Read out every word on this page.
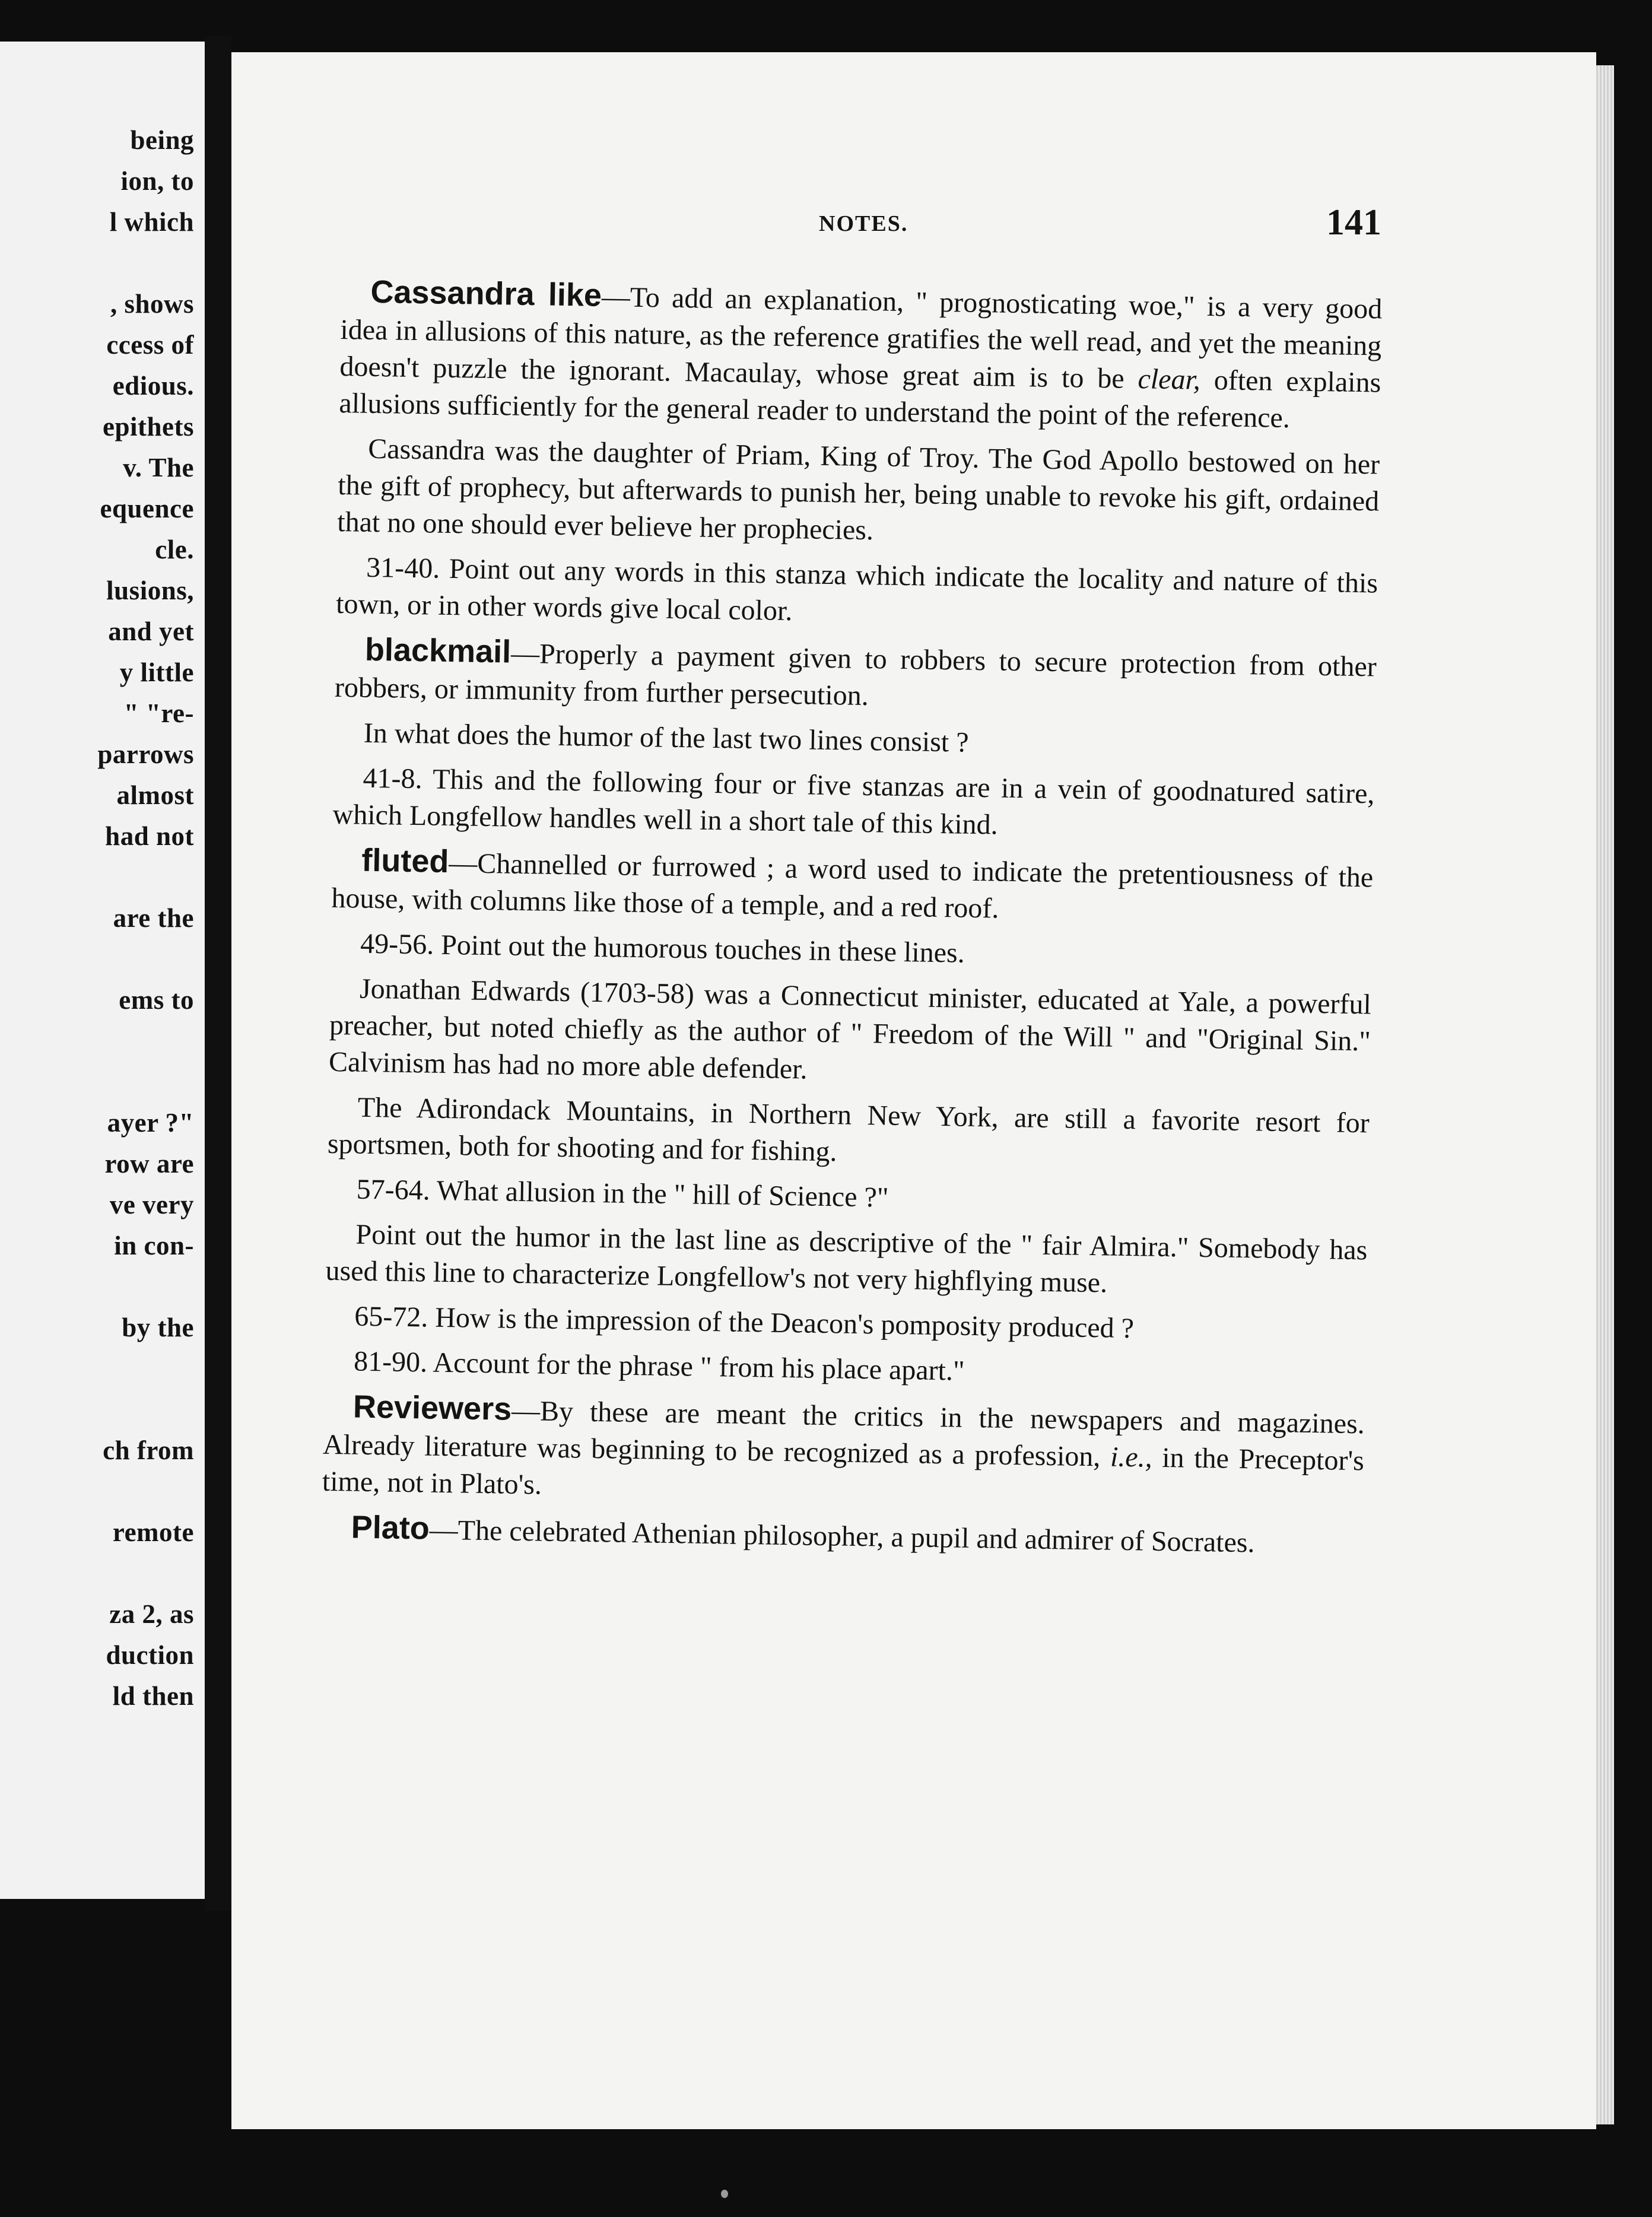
being
ion, to
l which
, shows
ccess of
edious.
epithets
v. The
equence
cle.
lusions,
and yet
y little
" "re-
parrows
almost
had not
are the
ems to
ayer ?"
row are
ve very
in con-
by the
ch from
remote
za 2, as
duction
ld then
NOTES.	141

Cassandra like—To add an explanation, " prognosticating woe," is a very good idea in allusions of this nature, as the reference gratifies the well read, and yet the meaning doesn't puzzle the ignorant. Macaulay, whose great aim is to be clear, often explains allusions sufficiently for the general reader to understand the point of the reference.

Cassandra was the daughter of Priam, King of Troy. The God Apollo bestowed on her the gift of prophecy, but afterwards to punish her, being unable to revoke his gift, ordained that no one should ever believe her prophecies.

31-40. Point out any words in this stanza which indicate the locality and nature of this town, or in other words give local color.

blackmail—Properly a payment given to robbers to secure protection from other robbers, or immunity from further persecution.

In what does the humor of the last two lines consist ?

41-8. This and the following four or five stanzas are in a vein of goodnatured satire, which Longfellow handles well in a short tale of this kind.

fluted—Channelled or furrowed ; a word used to indicate the pretentiousness of the house, with columns like those of a temple, and a red roof.

49-56. Point out the humorous touches in these lines.

Jonathan Edwards (1703-58) was a Connecticut minister, educated at Yale, a powerful preacher, but noted chiefly as the author of " Freedom of the Will " and "Original Sin." Calvinism has had no more able defender.

The Adirondack Mountains, in Northern New York, are still a favorite resort for sportsmen, both for shooting and for fishing.

57-64. What allusion in the " hill of Science ?"

Point out the humor in the last line as descriptive of the " fair Almira." Somebody has used this line to characterize Longfellow's not very highflying muse.

65-72. How is the impression of the Deacon's pomposity produced ?

81-90. Account for the phrase " from his place apart."

Reviewers—By these are meant the critics in the newspapers and magazines. Already literature was beginning to be recognized as a profession, i.e., in the Preceptor's time, not in Plato's.

Plato—The celebrated Athenian philosopher, a pupil and admirer of Socrates.
